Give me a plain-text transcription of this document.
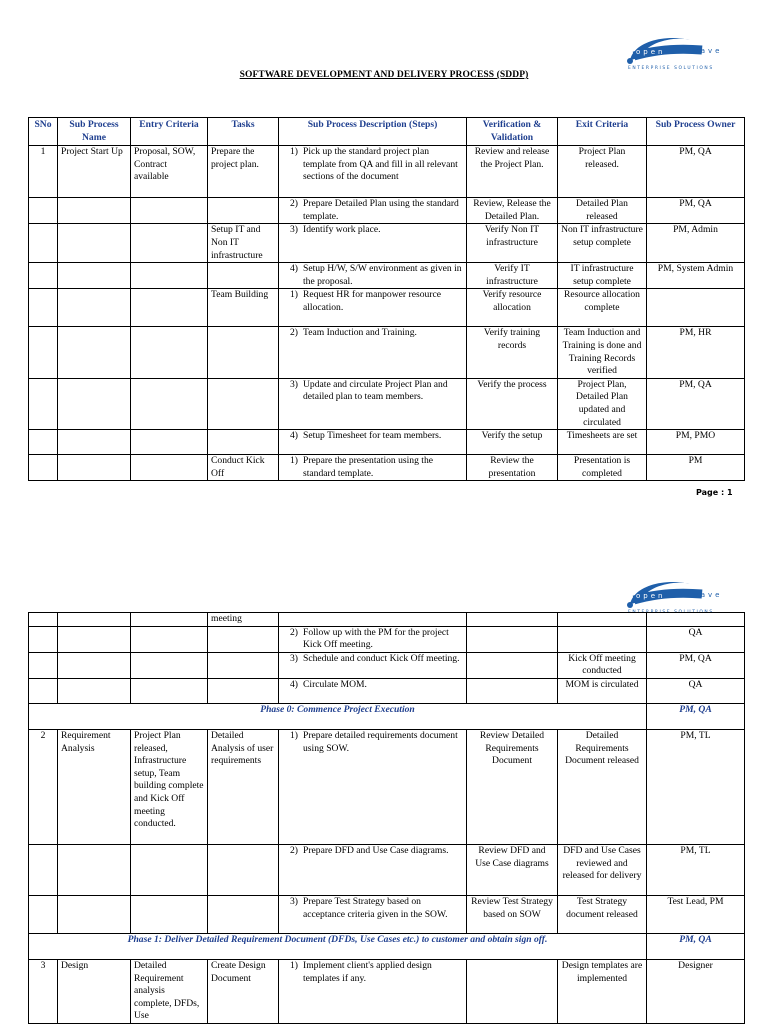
open	wave
ENTERPRISE SOLUTIONS
SOFTWARE DEVELOPMENT AND DELIVERY PROCESS (SDDP)
SNo	Sub Process Name	Entry Criteria	Tasks	Sub Process Description (Steps)	Verification & Validation	Exit Criteria	Sub Process Owner
1	Project Start Up	Proposal, SOW, Contract available	Prepare the project plan.	1) Pick up the standard project plan template from QA and fill in all relevant sections of the document	Review and release the Project Plan.	Project Plan released.	PM, QA

				2) Prepare Detailed Plan using the standard template.	Review, Release the Detailed Plan.	Detailed Plan released	PM, QA
			Setup IT and Non IT infrastructure	3) Identify work place.	Verify Non IT infrastructure	Non IT infrastructure setup complete	PM, Admin

				4) Setup H/W, S/W environment as given in the proposal.	Verify IT infrastructure	IT infrastructure setup complete	PM, System Admin
			Team Building	1) Request HR for manpower resource allocation.	Verify resource allocation	Resource allocation complete	

				2) Team Induction and Training.	Verify training records	Team Induction and Training is done and Training Records verified	PM, HR

				3) Update and circulate Project Plan and detailed plan to team members.	Verify the process	Project Plan, Detailed Plan updated and circulated	PM, QA

				4) Setup Timesheet for team members.	Verify the setup	Timesheets are set	PM, PMO
			Conduct Kick Off	1) Prepare the presentation using the standard template.	Review the presentation	Presentation is completed	PM
Page : 1
open	wave
ENTERPRISE SOLUTIONS
			meeting	

				2) Follow up with the PM for the project Kick Off meeting.			QA

				3) Schedule and conduct Kick Off meeting.		Kick Off meeting conducted	PM, QA

				4) Circulate MOM.		MOM is circulated	QA
Phase 0: Commence Project Execution							PM, QA
2	Requirement Analysis	Project Plan released, Infrastructure setup, Team building complete and Kick Off meeting conducted.	Detailed Analysis of user requirements	1) Prepare detailed requirements document using SOW.	Review Detailed Requirements Document	Detailed Requirements Document released	PM, TL

				2) Prepare DFD and Use Case diagrams.	Review DFD and Use Case diagrams	DFD and Use Cases reviewed and released for delivery	PM, TL

				3) Prepare Test Strategy based on acceptance criteria given in the SOW.	Review Test Strategy based on SOW	Test Strategy document released	Test Lead, PM
Phase 1: Deliver Detailed Requirement Document (DFDs, Use Cases etc.) to customer and obtain sign off.							PM, QA
3	Design	Detailed Requirement analysis complete, DFDs, Use	Create Design Document	1) Implement client's applied design templates if any.		Design templates are implemented	Designer
